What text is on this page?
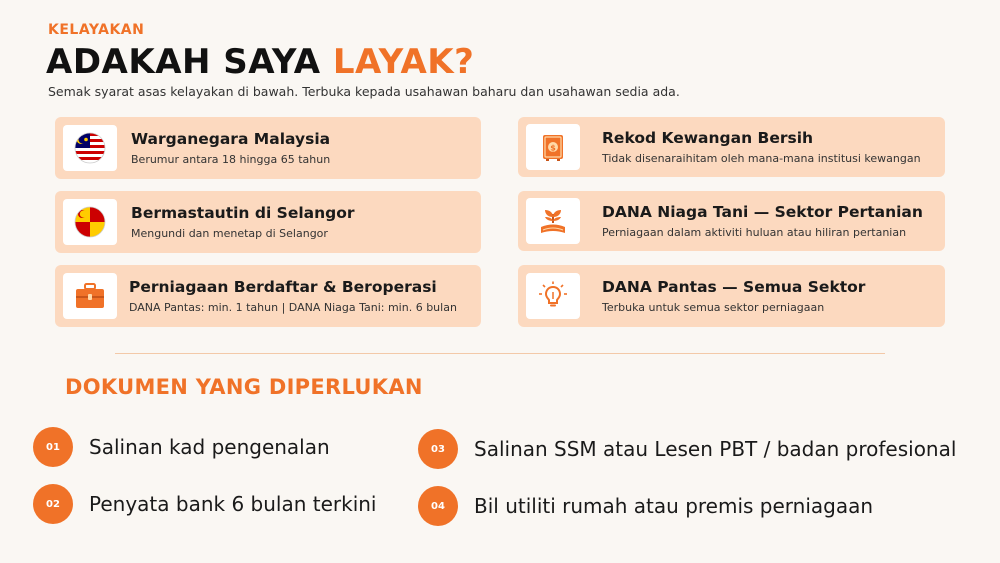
KELAYAKAN
ADAKAH SAYA LAYAK?
Semak syarat asas kelayakan di bawah. Terbuka kepada usahawan baharu dan usahawan sedia ada.
Warganegara Malaysia
Berumur antara 18 hingga 65 tahun
Bermastautin di Selangor
Mengundi dan menetap di Selangor
Perniagaan Berdaftar & Beroperasi
DANA Pantas: min. 1 tahun | DANA Niaga Tani: min. 6 bulan
$
Rekod Kewangan Bersih
Tidak disenaraihitam oleh mana-mana institusi kewangan
DANA Niaga Tani — Sektor Pertanian
Perniagaan dalam aktiviti huluan atau hiliran pertanian
DANA Pantas — Semua Sektor
Terbuka untuk semua sektor perniagaan
DOKUMEN YANG DIPERLUKAN
01	Salinan kad pengenalan
02	Penyata bank 6 bulan terkini
03	Salinan SSM atau Lesen PBT / badan profesional
04	Bil utiliti rumah atau premis perniagaan
